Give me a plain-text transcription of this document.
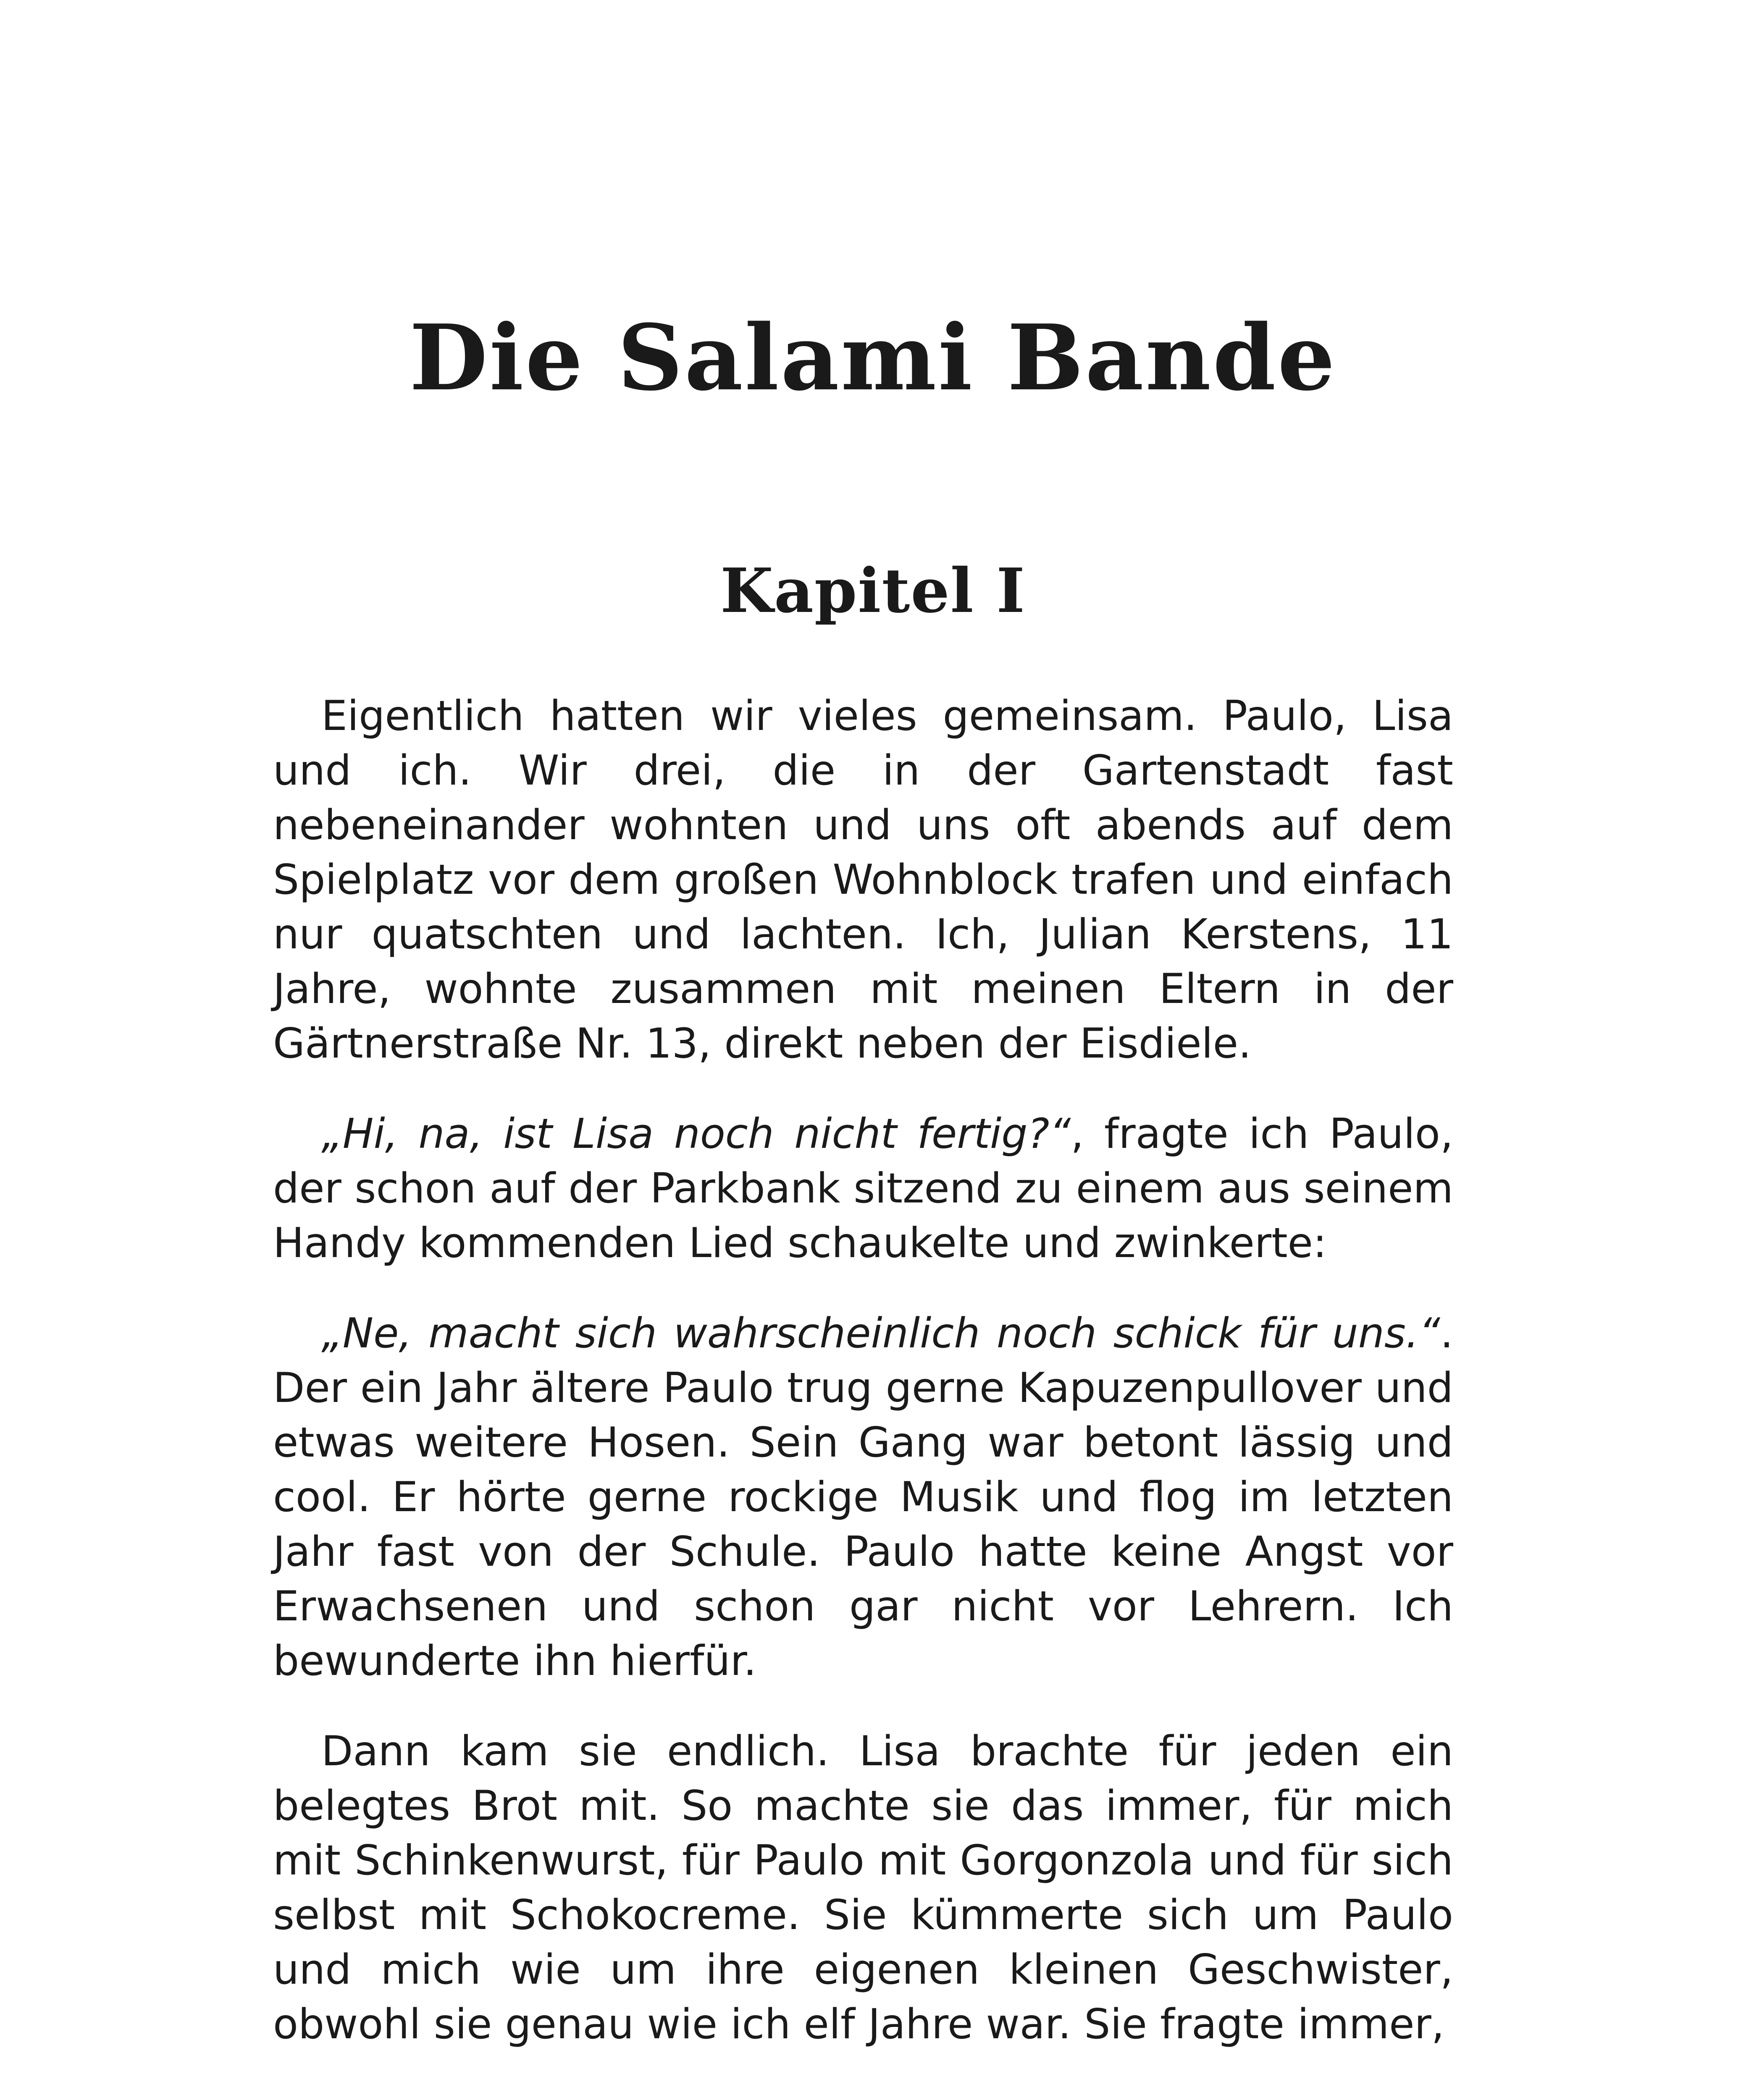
Die Salami Bande
Kapitel I

Eigentlich hatten wir vieles gemeinsam. Paulo, Lisa und ich. Wir drei, die in der Gartenstadt fast nebeneinander wohnten und uns oft abends auf dem Spielplatz vor dem großen Wohnblock trafen und einfach nur quatschten und lachten. Ich, Julian Kerstens, 11 Jahre, wohnte zusammen mit meinen Eltern in der Gärtnerstraße Nr. 13, direkt neben der Eisdiele.

„Hi, na, ist Lisa noch nicht fertig?“, fragte ich Paulo, der schon auf der Parkbank sitzend zu einem aus seinem Handy kommenden Lied schaukelte und zwinkerte:

„Ne, macht sich wahrscheinlich noch schick für uns.“. Der ein Jahr ältere Paulo trug gerne Kapuzenpullover und etwas weitere Hosen. Sein Gang war betont lässig und cool. Er hörte gerne rockige Musik und flog im letzten Jahr fast von der Schule. Paulo hatte keine Angst vor Erwachsenen und schon gar nicht vor Lehrern. Ich bewunderte ihn hierfür.

Dann kam sie endlich. Lisa brachte für jeden ein belegtes Brot mit. So machte sie das immer, für mich mit Schinkenwurst, für Paulo mit Gorgonzola und für sich selbst mit Schokocreme. Sie kümmerte sich um Paulo und mich wie um ihre eigenen kleinen Geschwister, obwohl sie genau wie ich elf Jahre war. Sie fragte immer,
